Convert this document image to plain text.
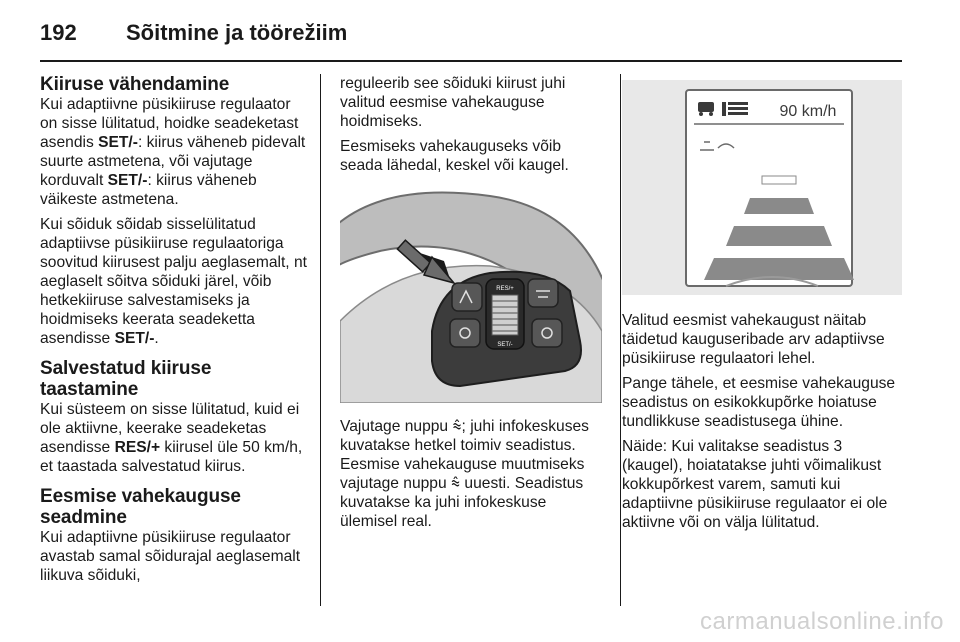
192 Sõitmine ja töörežiim
Kiiruse vähendamine

Kui adaptiivne püsikiiruse regulaator on sisse lülitatud, hoidke seadeketast asendis SET/-: kiirus väheneb pidevalt suurte astmetena, või vajutage korduvalt SET/-: kiirus väheneb väikeste astmetena.

Kui sõiduk sõidab sisselülitatud adaptiivse püsikiiruse regulaatoriga soovitud kiirusest palju aeglasemalt, nt aeglaselt sõitva sõiduki järel, võib hetkekiiruse salvestamiseks ja hoidmiseks keerata seadeketta asendisse SET/-.

Salvestatud kiiruse taastamine

Kui süsteem on sisse lülitatud, kuid ei ole aktiivne, keerake seadeketas asendisse RES/+ kiirusel üle 50 km/h, et taastada salvestatud kiirus.

Eesmise vahekauguse seadmine

Kui adaptiivne püsikiiruse regulaator avastab samal sõidurajal aeglasemalt liikuva sõiduki,

reguleerib see sõiduki kiirust juhi valitud eesmise vahekauguse hoidmiseks.

Eesmiseks vahekauguseks võib seada lähedal, keskel või kaugel.

RES/+
SET/-

Vajutage nuppu ⩯; juhi infokeskuses kuvatakse hetkel toimiv seadistus. Eesmise vahekauguse muutmiseks vajutage nuppu ⩯ uuesti. Seadistus kuvatakse ka juhi infokeskuse ülemisel real.

90 km/h

Valitud eesmist vahekaugust näitab täidetud kauguseribade arv adaptiivse püsikiiruse regulaatori lehel.

Pange tähele, et eesmise vahekauguse seadistus on esikokkupõrke hoiatuse tundlikkuse seadistusega ühine.

Näide: Kui valitakse seadistus 3 (kaugel), hoiatatakse juhti võimalikust kokkupõrkest varem, samuti kui adaptiivne püsikiiruse regulaator ei ole aktiivne või on välja lülitatud.

carmanualsonline.info
